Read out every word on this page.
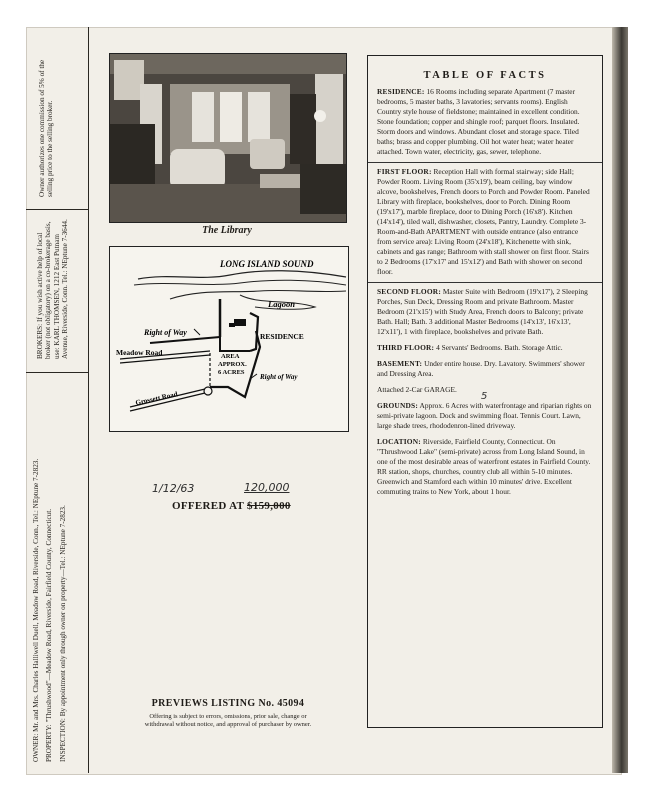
Owner authorizes one commission of 5% of the selling price to the selling broker.
BROKERS: If you wish active help of local broker (not obligatory) on a co-brokerage basis, use: KARL THOMSEN, 1212 East Putnam Avenue, Riverside, Conn. Tel.: NEptune 7-3644.
OWNER: Mr. and Mrs. Charles Halliwell Duell, Meadow Road, Riverside, Conn., Tel.: NEptune 7-2823. PROPERTY: "Thrushwood"—Meadow Road, Riverside, Fairfield County, Connecticut. INSPECTION: By appointment only through owner on property—Tel.: NEptune 7-2823.
The Library
LONG ISLAND SOUND
Lagoon
Right of Way
Meadow Road
RESIDENCE
AREA
APPROX.
6 ACRES
Right of Way
Grossett Road
1/12/63	120,000
OFFERED AT $159,000
PREVIEWS LISTING No. 45094
Offering is subject to errors, omissions, prior sale, change or
withdrawal without notice, and approval of purchaser by owner.
TABLE OF FACTS

RESIDENCE: 16 Rooms including separate Apartment (7 master bedrooms, 5 master baths, 3 lavatories; servants rooms). English Country style house of fieldstone; maintained in excellent condition. Stone foundation; copper and shingle roof; parquet floors. Insulated. Storm doors and windows. Abundant closet and storage space. Tiled baths; brass and copper plumbing. Oil hot water heat; water heater attached. Town water, electricity, gas, sewer, telephone.

FIRST FLOOR: Reception Hall with formal stairway; side Hall; Powder Room. Living Room (35'x19'), beam ceiling, bay window alcove, bookshelves, French doors to Porch and Powder Room. Paneled Library with fireplace, bookshelves, door to Porch. Dining Room (19'x17'), marble fireplace, door to Dining Porch (16'x8'). Kitchen (14'x14'), tiled wall, dishwasher, closets, Pantry, Laundry. Complete 3-Room-and-Bath APARTMENT with outside entrance (also entrance from service area): Living Room (24'x18'), Kitchenette with sink, cabinets and gas range; Bathroom with stall shower on first floor. Stairs to 2 Bedrooms (17'x17' and 15'x12') and Bath with shower on second floor.

SECOND FLOOR: Master Suite with Bedroom (19'x17'), 2 Sleeping Porches, Sun Deck, Dressing Room and private Bathroom. Master Bedroom (21'x15') with Study Area, French doors to Balcony; private Bath. Hall; Bath. 3 additional Master Bedrooms (14'x13', 16'x13', 12'x11'), 1 with fireplace, bookshelves and private Bath.

THIRD FLOOR: 4 Servants' Bedrooms. Bath. Storage Attic.

BASEMENT: Under entire house. Dry. Lavatory. Swimmers' shower and Dressing Area.

Attached 2-Car GARAGE.

GROUNDS: Approx. 6 Acres with waterfrontage and riparian rights on semi-private lagoon. Dock and swimming float. Tennis Court. Lawn, large shade trees, rhododenron-lined driveway.
5

LOCATION: Riverside, Fairfield County, Connecticut. On "Thrushwood Lake" (semi-private) across from Long Island Sound, in one of the most desirable areas of waterfront estates in Fairfield County. RR station, shops, churches, country club all within 5-10 minutes. Greenwich and Stamford each within 10 minutes' drive. Excellent commuting trains to New York, about 1 hour.
